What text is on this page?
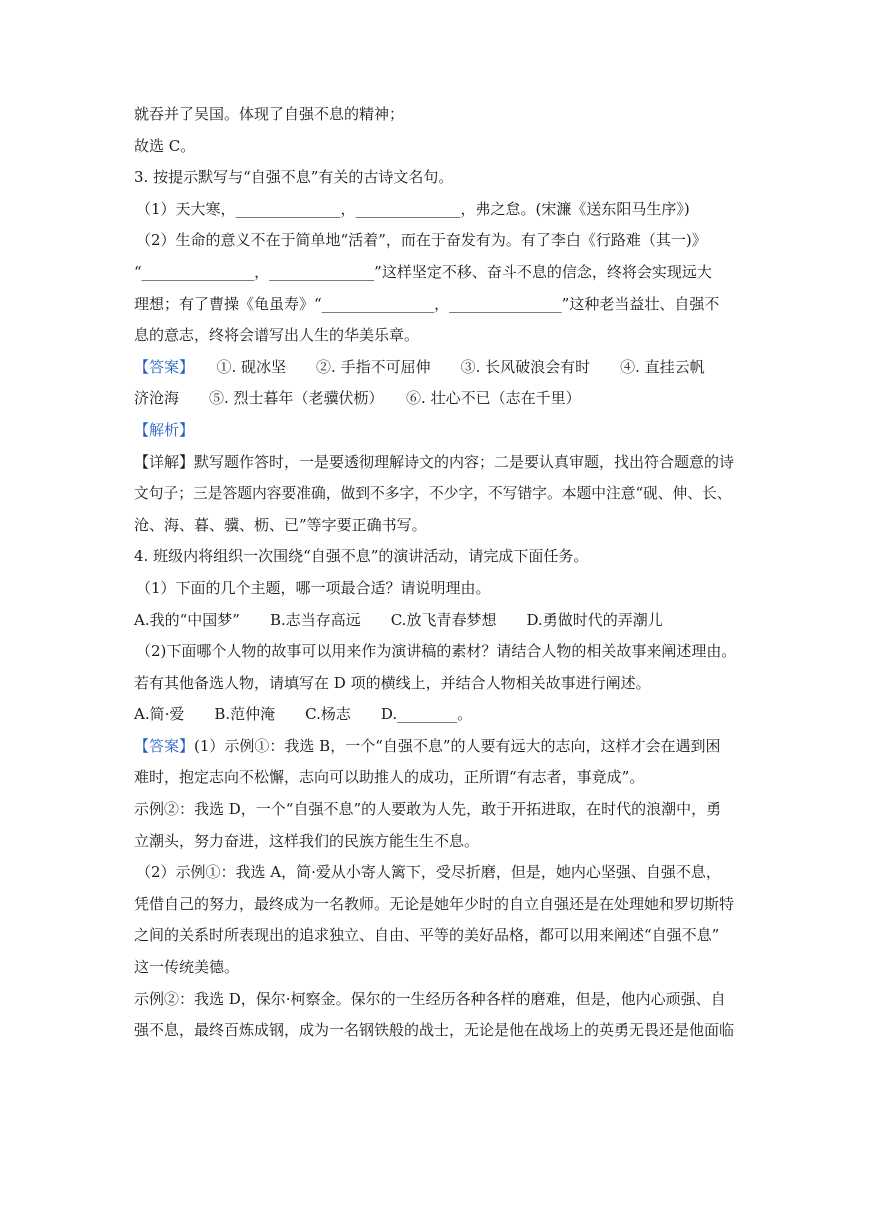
就吞并了吴国。体现了自强不息的精神；
故选 C。
3. 按提示默写与“自强不息”有关的古诗文名句。
（1）天大寒，______________，______________，弗之怠。(宋濂《送东阳马生序》)
（2）生命的意义不在于简单地“活着”，而在于奋发有为。有了李白《行路难（其一)》
“_______________，______________”这样坚定不移、奋斗不息的信念，终将会实现远大
理想；有了曹操《龟虽寿》“_______________，_______________”这种老当益壮、自强不
息的意志，终将会谱写出人生的华美乐章。
【答案】　　①. 砚冰坚　　②. 手指不可屈伸　　③. 长风破浪会有时　　④. 直挂云帆
济沧海　　⑤. 烈士暮年（老骥伏枥）　　⑥. 壮心不已（志在千里）
【解析】
【详解】默写题作答时，一是要透彻理解诗文的内容；二是要认真审题，找出符合题意的诗
文句子；三是答题内容要准确，做到不多字，不少字，不写错字。本题中注意“砚、伸、长、
沧、海、暮、骥、枥、已”等字要正确书写。
4. 班级内将组织一次围绕“自强不息”的演讲活动，请完成下面任务。
（1）下面的几个主题，哪一项最合适？请说明理由。
A.我的“中国梦”　　B.志当存高远　　C.放飞青春梦想　　D.勇做时代的弄潮儿
（2)下面哪个人物的故事可以用来作为演讲稿的素材？请结合人物的相关故事来阐述理由。
若有其他备选人物，请填写在 D 项的横线上，并结合人物相关故事进行阐述。
A.简·爱　　B.范仲淹　　C.杨志　　D.________。
【答案】(1）示例①：我选 B，一个“自强不息”的人要有远大的志向，这样才会在遇到困
难时，抱定志向不松懈，志向可以助推人的成功，正所谓“有志者，事竟成”。
示例②：我选 D，一个“自强不息”的人要敢为人先，敢于开拓进取，在时代的浪潮中，勇
立潮头，努力奋进，这样我们的民族方能生生不息。
（2）示例①：我选 A，简·爱从小寄人篱下，受尽折磨，但是，她内心坚强、自强不息，
凭借自己的努力，最终成为一名教师。无论是她年少时的自立自强还是在处理她和罗切斯特
之间的关系时所表现出的追求独立、自由、平等的美好品格，都可以用来阐述“自强不息”
这一传统美德。
示例②：我选 D，保尔·柯察金。保尔的一生经历各种各样的磨难，但是，他内心顽强、自
强不息，最终百炼成钢，成为一名钢铁般的战士，无论是他在战场上的英勇无畏还是他面临
